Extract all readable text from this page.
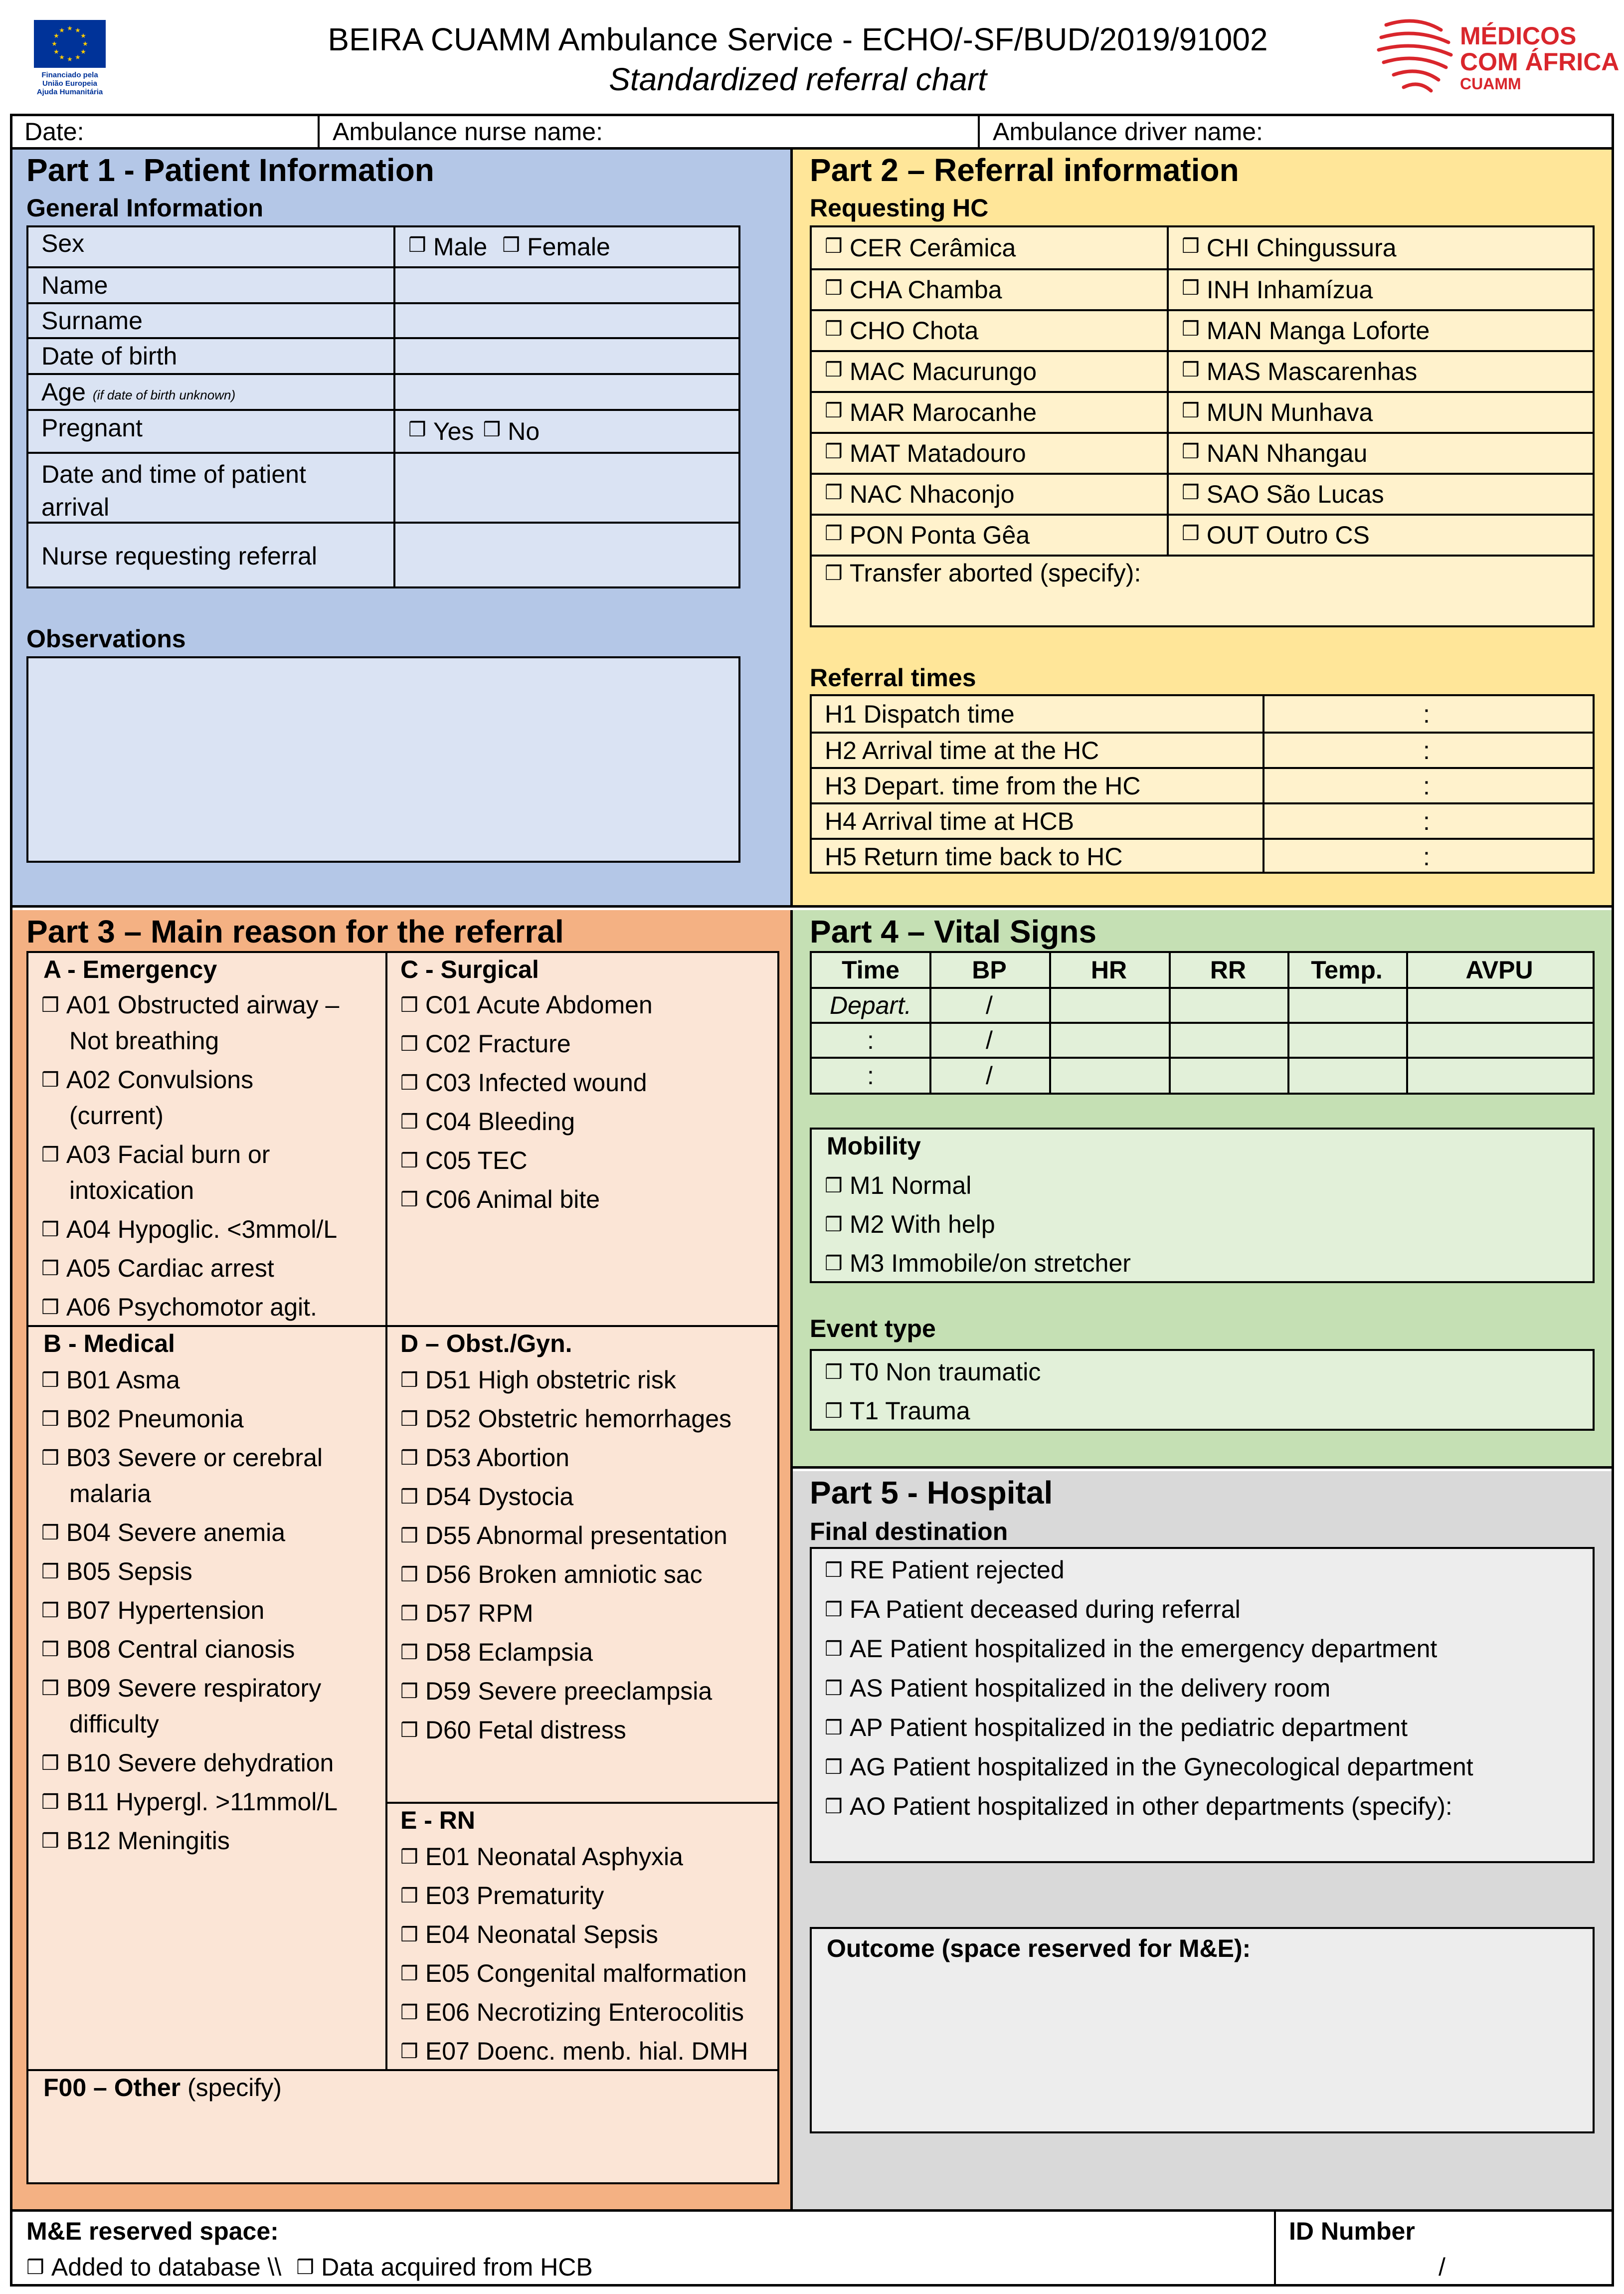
★ ★
★
★
★
★
★
★
★
★
★
★
Financiado pela
União Europeia
Ajuda Humanitária
BEIRA CUAMM Ambulance Service - ECHO/-SF/BUD/2019/91002
Standardized referral chart
MÉDICOS
COM ÁFRICA
CUAMM
Date:	Ambulance nurse name:	Ambulance driver name:
Part 1 - Patient Information
General Information
Sex	❒ Male ❒ Female
Name
Surname
Date of birth
Age (if date of birth unknown)
Pregnant	❒ Yes ❒ No
Date and time of patient
arrival
Nurse requesting referral
Observations
Part 2 – Referral information
Requesting HC
❒ CER Cerâmica	❒ CHI Chingussura
❒ CHA Chamba	❒ INH Inhamízua
❒ CHO Chota	❒ MAN Manga Loforte
❒ MAC Macurungo	❒ MAS Mascarenhas
❒ MAR Marocanhe	❒ MUN Munhava
❒ MAT Matadouro	❒ NAN Nhangau
❒ NAC Nhaconjo	❒ SAO São Lucas
❒ PON Ponta Gêa	❒ OUT Outro CS
❒ Transfer aborted (specify):
Referral times
H1 Dispatch time	:
H2 Arrival time at the HC	:
H3 Depart. time from the HC	:
H4 Arrival time at HCB	:
H5 Return time back to HC	:
Part 3 – Main reason for the referral
A - Emergency
❒ A01 Obstructed airway –
Not breathing
❒ A02 Convulsions
(current)
❒ A03 Facial burn or
intoxication
❒ A04 Hypoglic. <3mmol/L
❒ A05 Cardiac arrest
❒ A06 Psychomotor agit.
C - Surgical
❒ C01 Acute Abdomen
❒ C02 Fracture
❒ C03 Infected wound
❒ C04 Bleeding
❒ C05 TEC
❒ C06 Animal bite
B - Medical
❒ B01 Asma
❒ B02 Pneumonia
❒ B03 Severe or cerebral
malaria
❒ B04 Severe anemia
❒ B05 Sepsis
❒ B07 Hypertension
❒ B08 Central cianosis
❒ B09 Severe respiratory
difficulty
❒ B10 Severe dehydration
❒ B11 Hypergl. >11mmol/L
❒ B12 Meningitis
D – Obst./Gyn.
❒ D51 High obstetric risk
❒ D52 Obstetric hemorrhages
❒ D53 Abortion
❒ D54 Dystocia
❒ D55 Abnormal presentation
❒ D56 Broken amniotic sac
❒ D57 RPM
❒ D58 Eclampsia
❒ D59 Severe preeclampsia
❒ D60 Fetal distress
E - RN
❒ E01 Neonatal Asphyxia
❒ E03 Prematurity
❒ E04 Neonatal Sepsis
❒ E05 Congenital malformation
❒ E06 Necrotizing Enterocolitis
❒ E07 Doenc. menb. hial. DMH
F00 – Other (specify)
Part 4 – Vital Signs
Time	BP	HR	RR	Temp.	AVPU
Depart.	/
:	/
:	/
Mobility
❒ M1 Normal
❒ M2 With help
❒ M3 Immobile/on stretcher
Event type
❒ T0 Non traumatic
❒ T1 Trauma
Part 5 - Hospital
Final destination
❒ RE Patient rejected
❒ FA Patient deceased during referral
❒ AE Patient hospitalized in the emergency department
❒ AS Patient hospitalized in the delivery room
❒ AP Patient hospitalized in the pediatric department
❒ AG Patient hospitalized in the Gynecological department
❒ AO Patient hospitalized in other departments (specify):
Outcome (space reserved for M&E):
M&E reserved space:
❒ Added to database \\ ❒ Data acquired from HCB
ID Number
/
